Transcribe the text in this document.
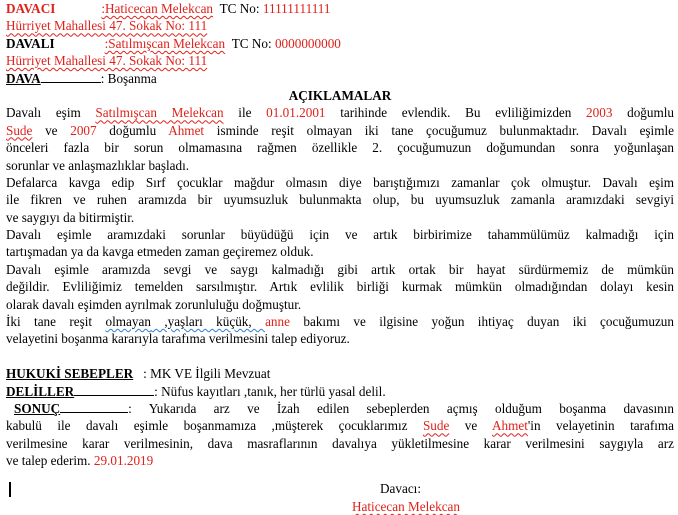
DAVACI	:Haticecan Melekcan TC No: 11111111111
Hürriyet Mahallesi 47. Sokak No: 111
DAVALI	:Satılmışcan Melekcan TC No: 0000000000
Hürriyet Mahallesi 47. Sokak No: 111
DAVA	: Boşanma
AÇIKLAMALAR
Davalı eşim Satılmışcan Melekcan ile 01.01.2001 tarihinde evlendik. Bu evliliğimizden 2003 doğumlu
Sude ve 2007 doğumlu Ahmet isminde reşit olmayan iki tane çocuğumuz bulunmaktadır. Davalı eşimle
önceleri fazla bir sorun olmamasına rağmen özellikle 2. çocuğumuzun doğumundan sonra yoğunlaşan
sorunlar ve anlaşmazlıklar başladı.
Defalarca kavga edip Sırf çocuklar mağdur olmasın diye barıştığımızı zamanlar çok olmuştur. Davalı eşim
ile fikren ve ruhen aramızda bir uyumsuzluk bulunmakta olup, bu uyumsuzluk zamanla aramızdaki sevgiyi
ve saygıyı da bitirmiştir.
Davalı eşimle aramızdaki sorunlar büyüdüğü için ve artık birbirimize tahammülümüz kalmadığı için
tartışmadan ya da kavga etmeden zaman geçiremez olduk.
Davalı eşimle aramızda sevgi ve saygı kalmadığı gibi artık ortak bir hayat sürdürmemiz de mümkün
değildir. Evliliğimiz temelden sarsılmıştır. Artık evlilik birliği kurmak mümkün olmadığından dolayı kesin
olarak davalı eşimden ayrılmak zorunluluğu doğmuştur.
İki tane reşit olmayan ,yaşları küçük, anne bakımı ve ilgisine yoğun ihtiyaç duyan iki çocuğumuzun
velayetini boşanma kararıyla tarafıma verilmesini talep ediyoruz.
HUKUKİ SEBEPLER : MK VE İlgili Mevzuat
DELİLLER	: Nüfus kayıtları ,tanık, her türlü yasal delil.
SONUÇ	: Yukarıda arz ve İzah edilen sebeplerden açmış olduğum boşanma davasının
kabulü ile davalı eşimle boşanmamıza ,müşterek çocuklarımız Sude ve Ahmet'in velayetinin tarafıma
verilmesine karar verilmesinin, dava masraflarının davalıya yükletilmesine karar verilmesini saygıyla arz
ve talep ederim. 29.01.2019
Davacı:
Haticecan Melekcan
